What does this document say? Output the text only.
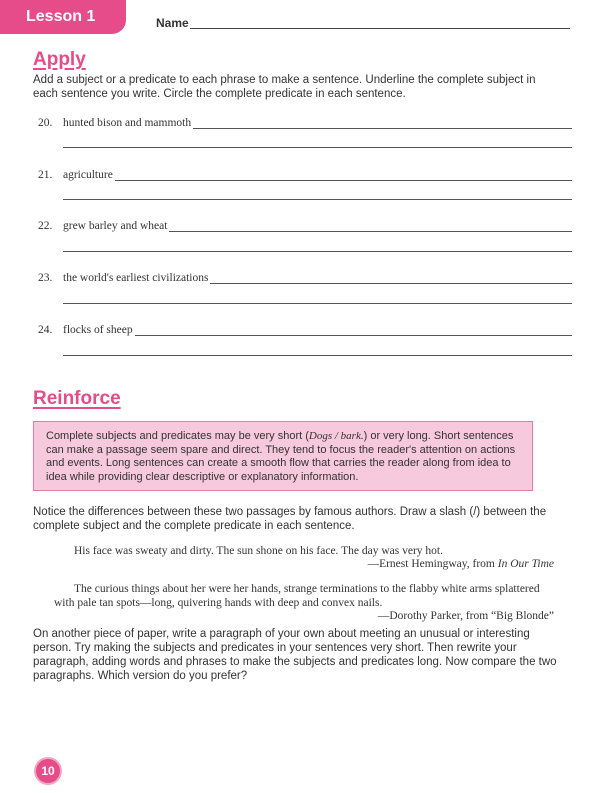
Lesson 1	Name
Apply
Add a subject or a predicate to each phrase to make a sentence. Underline the complete subject in each sentence you write. Circle the complete predicate in each sentence.
20. hunted bison and mammoth
21. agriculture
22. grew barley and wheat
23. the world's earliest civilizations
24. flocks of sheep
Reinforce
Complete subjects and predicates may be very short (Dogs / bark.) or very long. Short sentences can make a passage seem spare and direct. They tend to focus the reader's attention on actions and events. Long sentences can create a smooth flow that carries the reader along from idea to idea while providing clear descriptive or explanatory information.
Notice the differences between these two passages by famous authors. Draw a slash (/) between the complete subject and the complete predicate in each sentence.
His face was sweaty and dirty. The sun shone on his face. The day was very hot.
—Ernest Hemingway, from In Our Time
The curious things about her were her hands, strange terminations to the flabby white arms splattered
with pale tan spots—long, quivering hands with deep and convex nails.
—Dorothy Parker, from “Big Blonde”
On another piece of paper, write a paragraph of your own about meeting an unusual or interesting person. Try making the subjects and predicates in your sentences very short. Then rewrite your paragraph, adding words and phrases to make the subjects and predicates long. Now compare the two paragraphs. Which version do you prefer?
10
